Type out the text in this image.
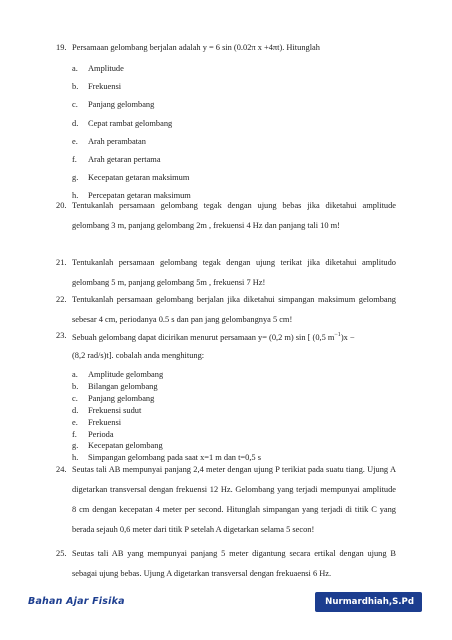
19. Persamaan gelombang berjalan adalah y = 6 sin (0.02π x +4πt). Hitunglah
a. Amplitude
b. Frekuensi
c. Panjang gelombang
d. Cepat rambat gelombang
e. Arah perambatan
f. Arah getaran pertama
g. Kecepatan getaran maksimum
h. Percepatan getaran maksimum
20. Tentukanlah persamaan gelombang tegak dengan ujung bebas jika diketahui amplitude gelombang 3 m, panjang gelombang 2m , frekuensi 4 Hz dan panjang tali 10 m!
21. Tentukanlah persamaan gelombang tegak dengan ujung terikat jika diketahui amplitudo gelombang 5 m, panjang gelombang 5m , frekuensi 7 Hz!
22. Tentukanlah persamaan gelombang berjalan jika diketahui simpangan maksimum gelombang sebesar 4 cm, periodanya 0.5 s dan pan jang gelombangnya 5 cm!
23. Sebuah gelombang dapat dicirikan menurut persamaan y= (0,2 m) sin [ (0,5 $m^{-1})x$ −
(8,2 rad/s)t]. cobalah anda menghitung:
a. Amplitude gelombang
b. Bilangan gelombang
c. Panjang gelombang
d. Frekuensi sudut
e. Frekuensi
f. Perioda
g. Kecepatan gelombang
h. Simpangan gelombang pada saat x=1 m dan t=0,5 s
24. Seutas tali AB mempunyai panjang 2,4 meter dengan ujung P terikiat pada suatu tiang. Ujung A digetarkan transversal dengan frekuensi 12 Hz. Gelombang yang terjadi mempunyai amplitude 8 cm dengan kecepatan 4 meter per second. Hitunglah simpangan yang terjadi di titik C yang berada sejauh 0,6 meter dari titik P setelah A digetarkan selama 5 secon!
25. Seutas tali AB yang mempunyai panjang 5 meter digantung secara ertikal dengan ujung B sebagai ujung bebas. Ujung A digetarkan transversal dengan frekuaensi 6 Hz.
Bahan Ajar Fisika	Nurmardhiah,S.Pd
